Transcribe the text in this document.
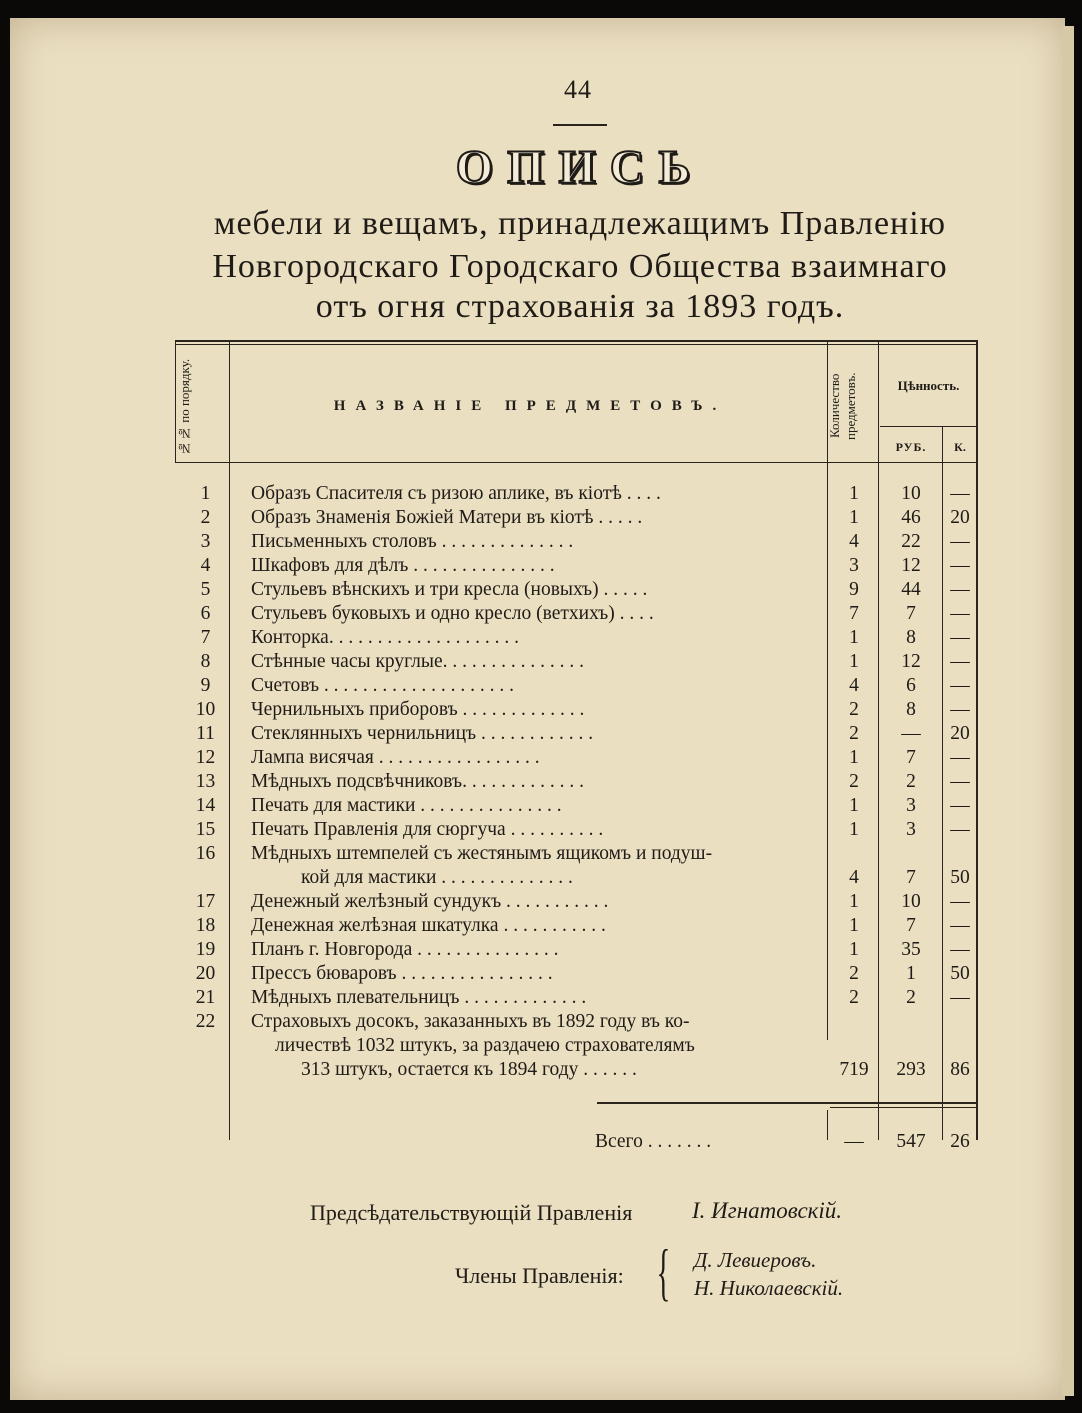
44
ОПИСЬ
мебели и вещамъ, принадлежащимъ Правленію
Новгородскаго Городскаго Общества взаимнаго
отъ огня страхованія за 1893 годъ.
№№ по порядку.	НАЗВАНІЕ ПРЕДМЕТОВЪ.	Количество предметовъ.	Цѣнность.
РУБ.	К.
1	Образъ Спасителя съ ризою аплике, въ кіотѣ . . . .	1	10	—
2	Образъ Знаменія Божіей Матери въ кіотѣ . . . . .	1	46	20
3	Письменныхъ столовъ . . . . . . . . . . . . . .	4	22	—
4	Шкафовъ для дѣлъ . . . . . . . . . . . . . . .	3	12	—
5	Стульевъ вѣнскихъ и три кресла (новыхъ) . . . . .	9	44	—
6	Стульевъ буковыхъ и одно кресло (ветхихъ) . . . .	7	7	—
7	Конторка. . . . . . . . . . . . . . . . . . . .	1	8	—
8	Стѣнные часы круглые. . . . . . . . . . . . . . .	1	12	—
9	Счетовъ . . . . . . . . . . . . . . . . . . . .	4	6	—
10	Чернильныхъ приборовъ . . . . . . . . . . . . .	2	8	—
11	Стеклянныхъ чернильницъ . . . . . . . . . . . .	2	—	20
12	Лампа висячая . . . . . . . . . . . . . . . . .	1	7	—
13	Мѣдныхъ подсвѣчниковъ. . . . . . . . . . . . .	2	2	—
14	Печать для мастики . . . . . . . . . . . . . . .	1	3	—
15	Печать Правленія для сюргуча . . . . . . . . . .	1	3	—
16	Мѣдныхъ штемпелей съ жестянымъ ящикомъ и подуш-
кой для мастики . . . . . . . . . . . . . .	4	7	50
17	Денежный желѣзный сундукъ . . . . . . . . . . .	1	10	—
18	Денежная желѣзная шкатулка . . . . . . . . . . .	1	7	—
19	Планъ г. Новгорода . . . . . . . . . . . . . . .	1	35	—
20	Прессъ бюваровъ . . . . . . . . . . . . . . . .	2	1	50
21	Мѣдныхъ плевательницъ . . . . . . . . . . . . .	2	2	—
22	Страховыхъ досокъ, заказанныхъ въ 1892 году въ ко-
личествѣ 1032 штукъ, за раздачею страхователямъ
313 штукъ, остается къ 1894 году . . . . . .	719	293	86
Всего . . . . . . .	—	547	26
Предсѣдательствующій Правленія	I. Игнатовскій.
Члены Правленія: { Д. Левиеровъ.
Н. Николаевскій.
